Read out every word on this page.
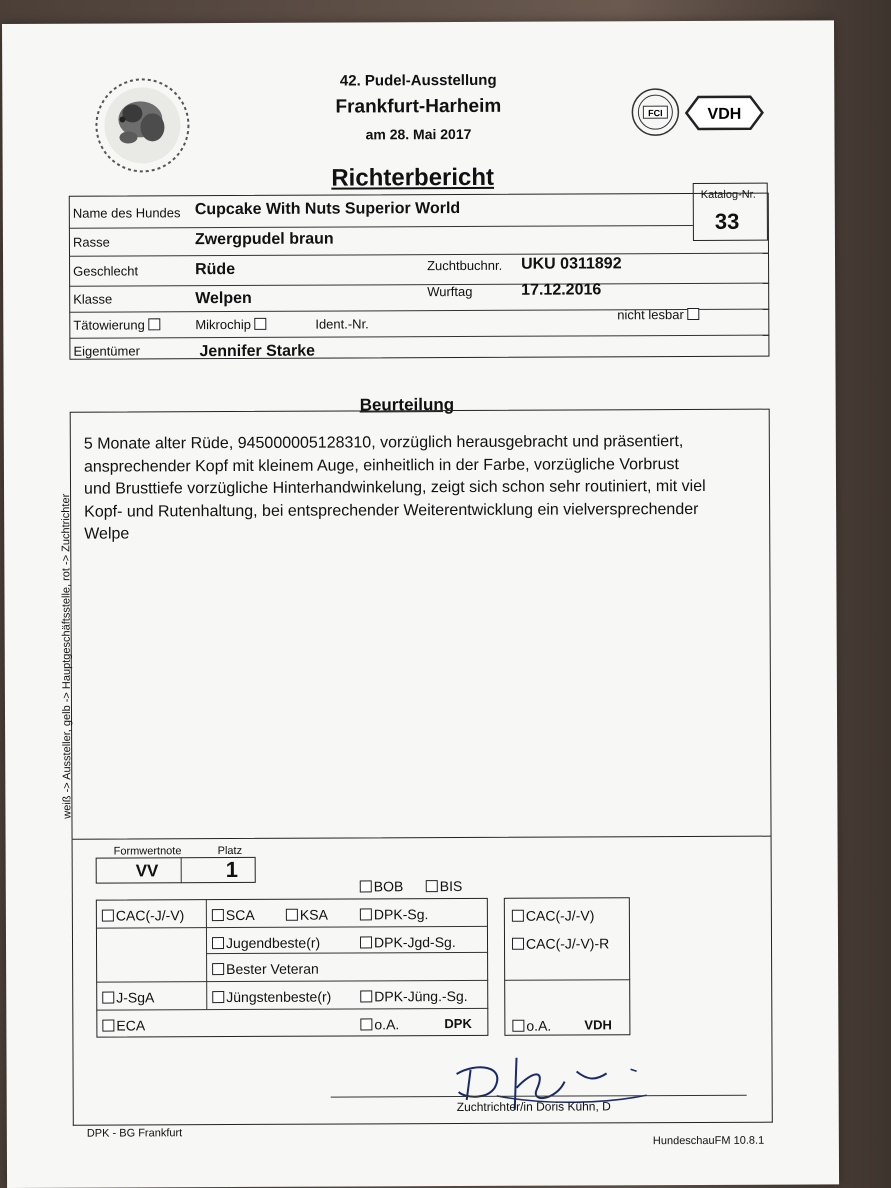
42. Pudel-Ausstellung
Frankfurt-Harheim
am 28. Mai 2017
FCI	VDH
Richterbericht
Katalog-Nr.
33
Name des Hundes Cupcake With Nuts Superior World
Rasse	Zwergpudel braun
Geschlecht	Rüde	Zuchtbuchnr. UKU 0311892
Klasse	Welpen	Wurftag	17.12.2016
Tätowierung	Mikrochip	Ident.-Nr.
nicht lesbar
Eigentümer	Jennifer Starke
Beurteilung
5 Monate alter Rüde, 945000005128310, vorzüglich herausgebracht und präsentiert,
ansprechender Kopf mit kleinem Auge, einheitlich in der Farbe, vorzügliche Vorbrust
und Brusttiefe vorzügliche Hinterhandwinkelung, zeigt sich schon sehr routiniert, mit viel
Kopf- und Rutenhaltung, bei entsprechender Weiterentwicklung ein vielversprechender
Welpe
weiß -> Aussteller, gelb -> Hauptgeschäftsstelle, rot -> Zuchtrichter
Formwertnote	Platz
VV	1
BOB	BIS
CAC(-J/-V)	SCA	KSA	DPK-Sg.
Jugendbeste(r)	DPK-Jgd-Sg.
Bester Veteran
J-SgA	Jüngstenbeste(r)	DPK-Jüng.-Sg.
ECA	o.A.	DPK
CAC(-J/-V)
CAC(-J/-V)-R
o.A.	VDH
Zuchtrichter/in Doris Kühn, D
DPK - BG Frankfurt
HundeschauFM 10.8.1
